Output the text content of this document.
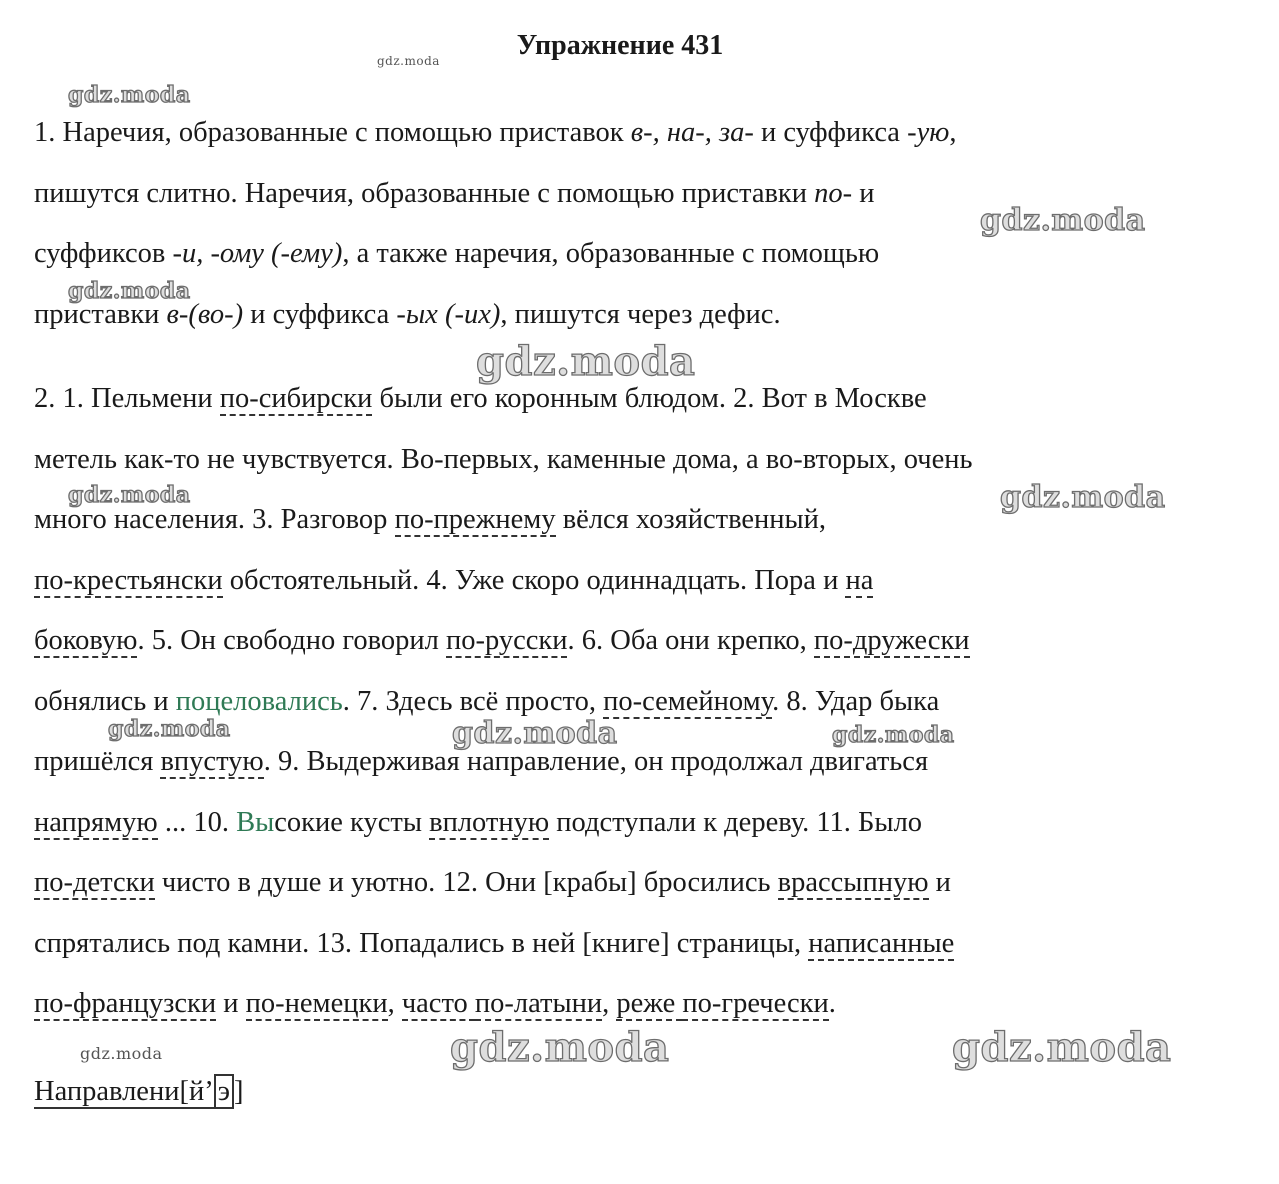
Упражнение 431
gdz.moda
gdz.moda
gdz.moda
gdz.moda
gdz.moda
gdz.moda	gdz.moda
gdz.moda	gdz.moda	gdz.moda
gdz.moda	gdz.moda
gdz.moda
1. Наречия, образованные с помощью приставок в-, на-, за- и суффикса -ую,
пишутся слитно. Наречия, образованные с помощью приставки по- и
суффиксов -и, -ому (-ему), а также наречия, образованные с помощью
приставки в-(во-) и суффикса -ых (-их), пишутся через дефис.
2. 1. Пельмени по-сибирски были его коронным блюдом. 2. Вот в Москве
метель как-то не чувствуется. Во-первых, каменные дома, а во-вторых, очень
много населения. 3. Разговор по-прежнему вёлся хозяйственный,
по-крестьянски обстоятельный. 4. Уже скоро одиннадцать. Пора и на
боковую. 5. Он свободно говорил по-русски. 6. Оба они крепко, по-дружески
обнялись и поцеловались. 7. Здесь всё просто, по-семейному. 8. Удар быка
пришёлся впустую. 9. Выдерживая направление, он продолжал двигаться
напрямую ... 10. Высокие кусты вплотную подступали к дереву. 11. Было
по-детски чисто в душе и уютно. 12. Они [крабы] бросились врассыпную и
спрятались под камни. 13. Попадались в ней [книге] страницы, написанные
по-французски и по-немецки, часто по-латыни, реже по-гречески.
Направлени[й’ э ]
